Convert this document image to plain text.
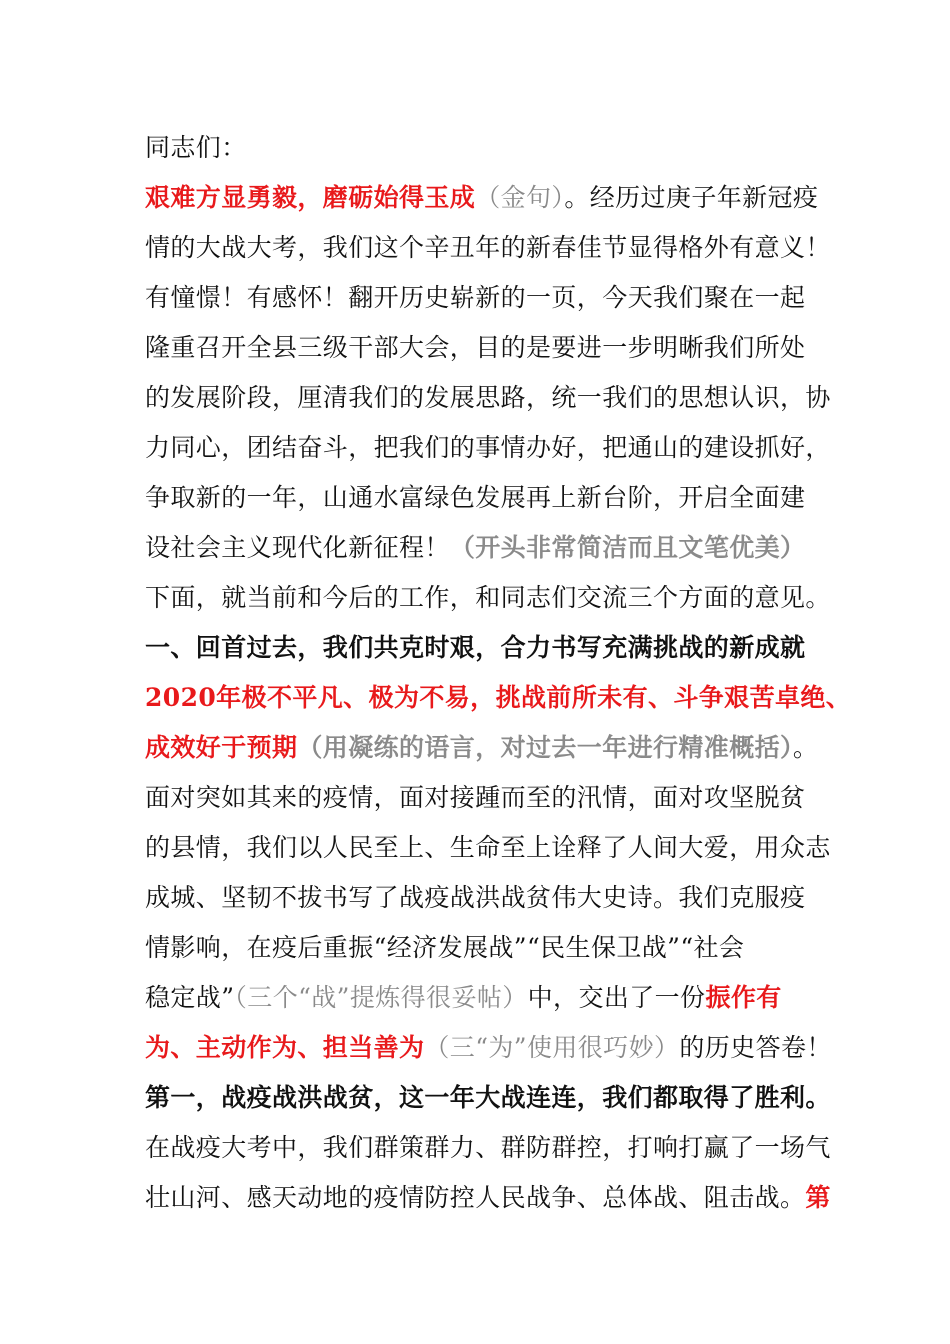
同志们：
艰难方显勇毅，磨砺始得玉成（金句）。经历过庚子年新冠疫
情的大战大考，我们这个辛丑年的新春佳节显得格外有意义！
有憧憬！有感怀！翻开历史崭新的一页，今天我们聚在一起
隆重召开全县三级干部大会，目的是要进一步明晰我们所处
的发展阶段，厘清我们的发展思路，统一我们的思想认识，协
力同心，团结奋斗，把我们的事情办好，把通山的建设抓好，
争取新的一年，山通水富绿色发展再上新台阶，开启全面建
设社会主义现代化新征程！（开头非常简洁而且文笔优美）
下面，就当前和今后的工作，和同志们交流三个方面的意见。
一、回首过去，我们共克时艰，合力书写充满挑战的新成就
2020年极不平凡、极为不易，挑战前所未有、斗争艰苦卓绝、
成效好于预期（用凝练的语言，对过去一年进行精准概括）。
面对突如其来的疫情，面对接踵而至的汛情，面对攻坚脱贫
的县情，我们以人民至上、生命至上诠释了人间大爱，用众志
成城、坚韧不拔书写了战疫战洪战贫伟大史诗。我们克服疫
情影响，在疫后重振“经济发展战”“民生保卫战”“社会
稳定战”（三个“战”提炼得很妥帖）中，交出了一份振作有
为、主动作为、担当善为（三“为”使用很巧妙）的历史答卷！
第一，战疫战洪战贫，这一年大战连连，我们都取得了胜利。
在战疫大考中，我们群策群力、群防群控，打响打赢了一场气
壮山河、感天动地的疫情防控人民战争、总体战、阻击战。第
